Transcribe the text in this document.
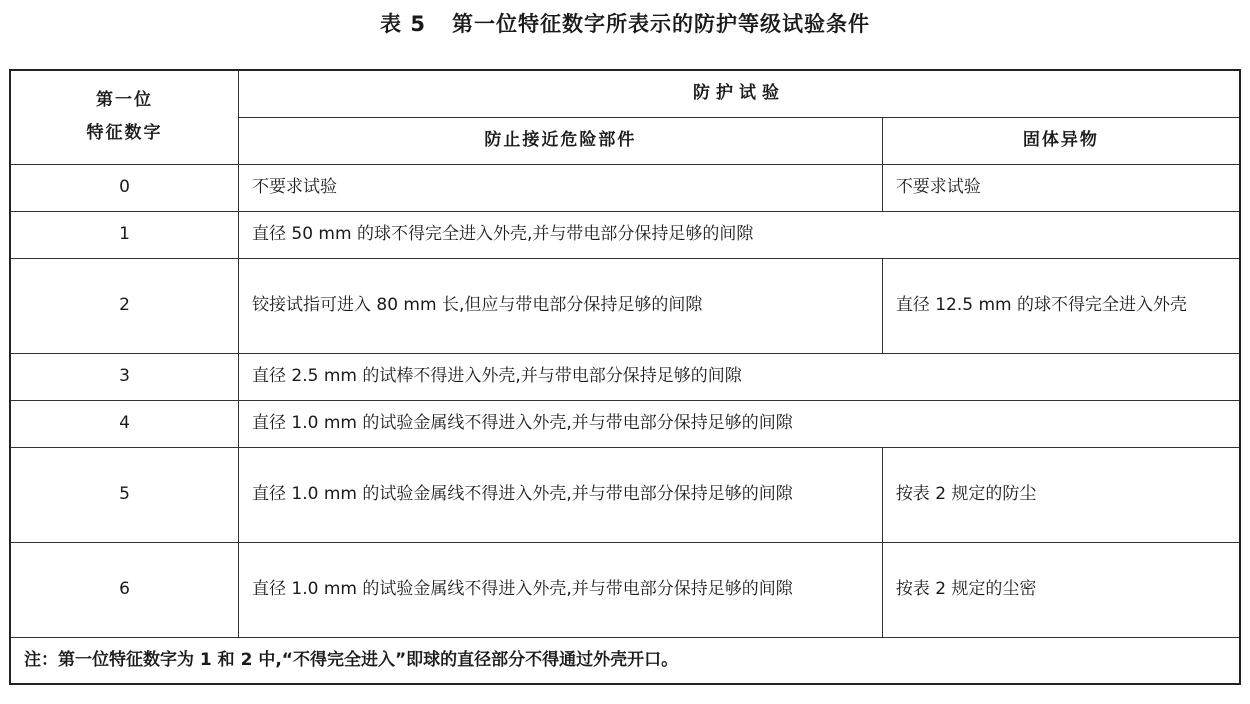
表 5 第一位特征数字所表示的防护等级试验条件
第一位
特征数字	防护试验	
	防止接近危险部件	固体异物
0	不要求试验	不要求试验
1	直径 50 mm 的球不得完全进入外壳,并与带电部分保持足够的间隙	
2	铰接试指可进入 80 mm 长,但应与带电部分保持足够的间隙	直径 12.5 mm 的球不得完全进入外壳
3	直径 2.5 mm 的试棒不得进入外壳,并与带电部分保持足够的间隙	
4	直径 1.0 mm 的试验金属线不得进入外壳,并与带电部分保持足够的间隙	
5	直径 1.0 mm 的试验金属线不得进入外壳,并与带电部分保持足够的间隙	按表 2 规定的防尘
6	直径 1.0 mm 的试验金属线不得进入外壳,并与带电部分保持足够的间隙	按表 2 规定的尘密
注：第一位特征数字为 1 和 2 中,“不得完全进入”即球的直径部分不得通过外壳开口。		
